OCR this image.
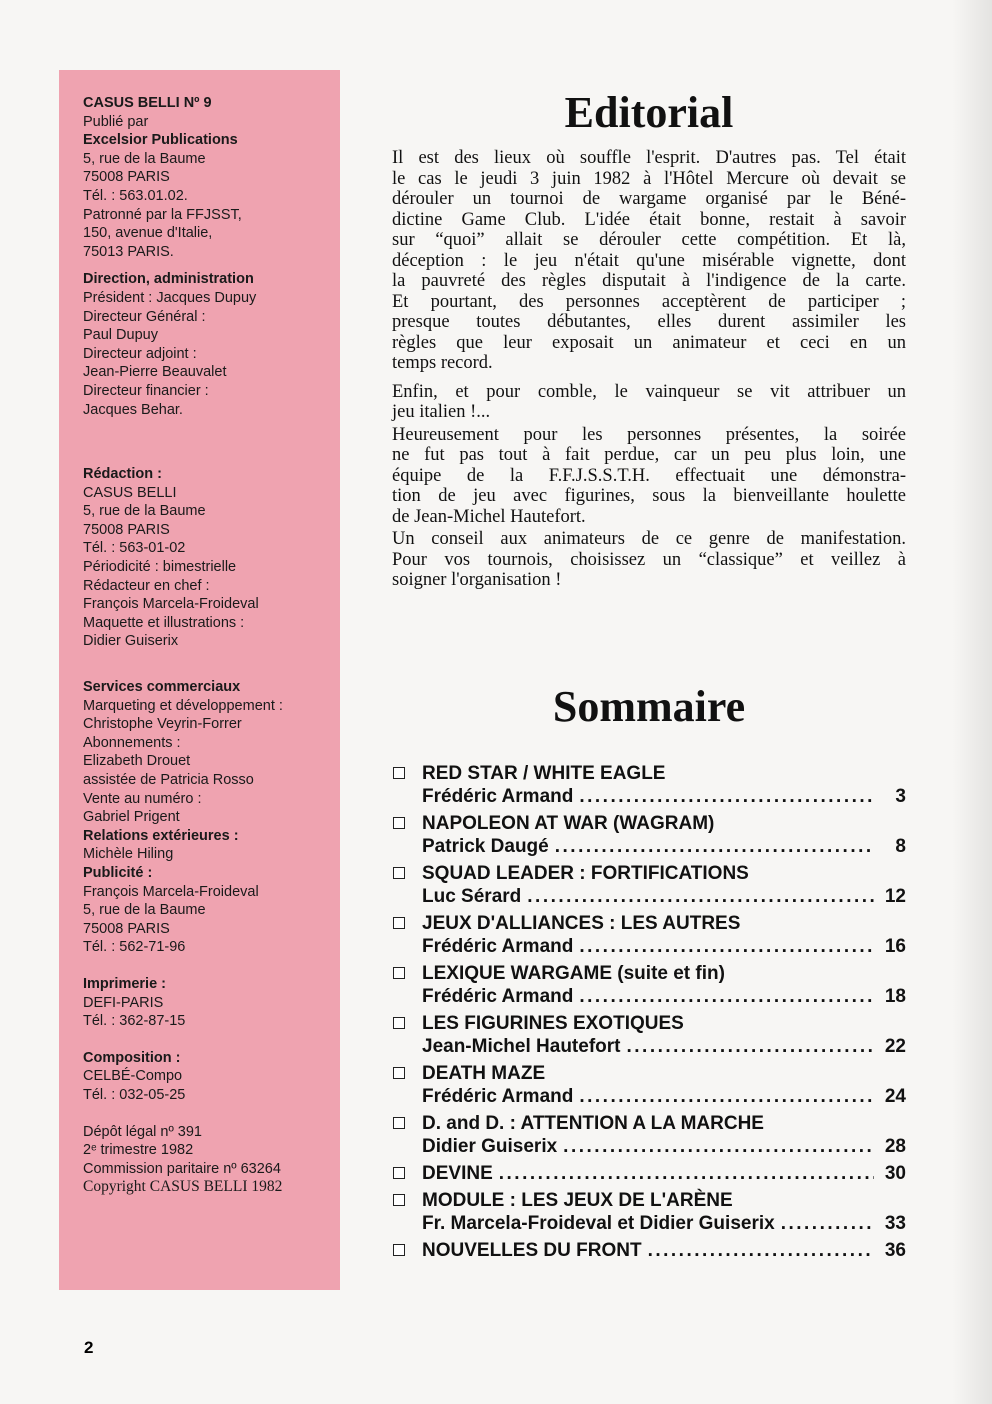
CASUS BELLI Nº 9
Publié par
Excelsior Publications
5, rue de la Baume
75008 PARIS
Tél. : 563.01.02.
Patronné par la FFJSST,
150, avenue d'Italie,
75013 PARIS.
Direction, administration
Président : Jacques Dupuy
Directeur Général :
Paul Dupuy
Directeur adjoint :
Jean-Pierre Beauvalet
Directeur financier :
Jacques Behar.
Rédaction :
CASUS BELLI
5, rue de la Baume
75008 PARIS
Tél. : 563-01-02
Périodicité : bimestrielle
Rédacteur en chef :
François Marcela-Froideval
Maquette et illustrations :
Didier Guiserix
Services commerciaux
Marqueting et développement :
Christophe Veyrin-Forrer
Abonnements :
Elizabeth Drouet
assistée de Patricia Rosso
Vente au numéro :
Gabriel Prigent
Relations extérieures :
Michèle Hiling
Publicité :
François Marcela-Froideval
5, rue de la Baume
75008 PARIS
Tél. : 562-71-96
Imprimerie :
DEFI-PARIS
Tél. : 362-87-15
Composition :
CELBÉ-Compo
Tél. : 032-05-25
Dépôt légal nº 391
2ᵉ trimestre 1982
Commission paritaire nº 63264
Copyright CASUS BELLI 1982
Editorial

Il est des lieux où souffle l'esprit. D'autres pas. Tel était
le cas le jeudi 3 juin 1982 à l'Hôtel Mercure où devait se
dérouler un tournoi de wargame organisé par le Béné-
dictine Game Club. L'idée était bonne, restait à savoir
sur “quoi” allait se dérouler cette compétition. Et là,
déception : le jeu n'était qu'une misérable vignette, dont
la pauvreté des règles disputait à l'indigence de la carte.
Et pourtant, des personnes acceptèrent de participer ;
presque toutes débutantes, elles durent assimiler les
règles que leur exposait un animateur et ceci en un
temps record.

Enfin, et pour comble, le vainqueur se vit attribuer un
jeu italien !...

Heureusement pour les personnes présentes, la soirée
ne fut pas tout à fait perdue, car un peu plus loin, une
équipe de la F.F.J.S.S.T.H. effectuait une démonstra-
tion de jeu avec figurines, sous la bienveillante houlette
de Jean-Michel Hautefort.

Un conseil aux animateurs de ce genre de manifestation.
Pour vos tournois, choisissez un “classique” et veillez à
soigner l'organisation !

Sommaire
RED STAR / WHITE EAGLE
Frédéric Armand .....	3
NAPOLEON AT WAR (WAGRAM)
Patrick Daugé .....	8
SQUAD LEADER : FORTIFICATIONS
Luc Sérard .....	12
JEUX D'ALLIANCES : LES AUTRES
Frédéric Armand .....	16
LEXIQUE WARGAME (suite et fin)
Frédéric Armand .....	18
LES FIGURINES EXOTIQUES
Jean-Michel Hautefort .....	22
DEATH MAZE
Frédéric Armand .....	24
D. and D. : ATTENTION A LA MARCHE
Didier Guiserix .....	28
DEVINE .....	30
MODULE : LES JEUX DE L'ARÈNE
Fr. Marcela-Froideval et Didier Guiserix .....	33
NOUVELLES DU FRONT .....	36
2
